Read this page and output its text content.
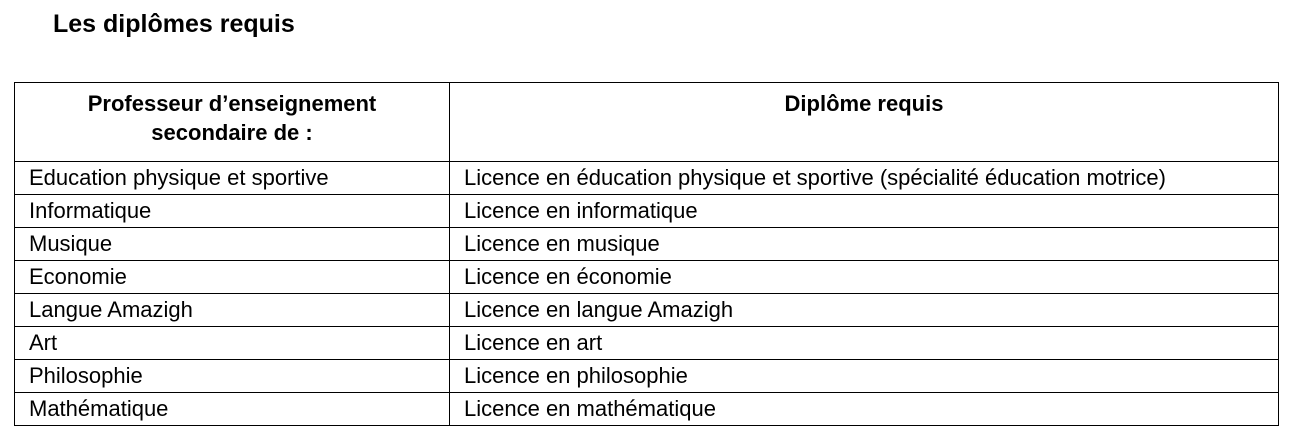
Les diplômes requis
Professeur d’enseignement
secondaire de :	Diplôme requis
Education physique et sportive	Licence en éducation physique et sportive (spécialité éducation motrice)
Informatique	Licence en informatique
Musique	Licence en musique
Economie	Licence en économie
Langue Amazigh	Licence en langue Amazigh
Art	Licence en art
Philosophie	Licence en philosophie
Mathématique	Licence en mathématique
